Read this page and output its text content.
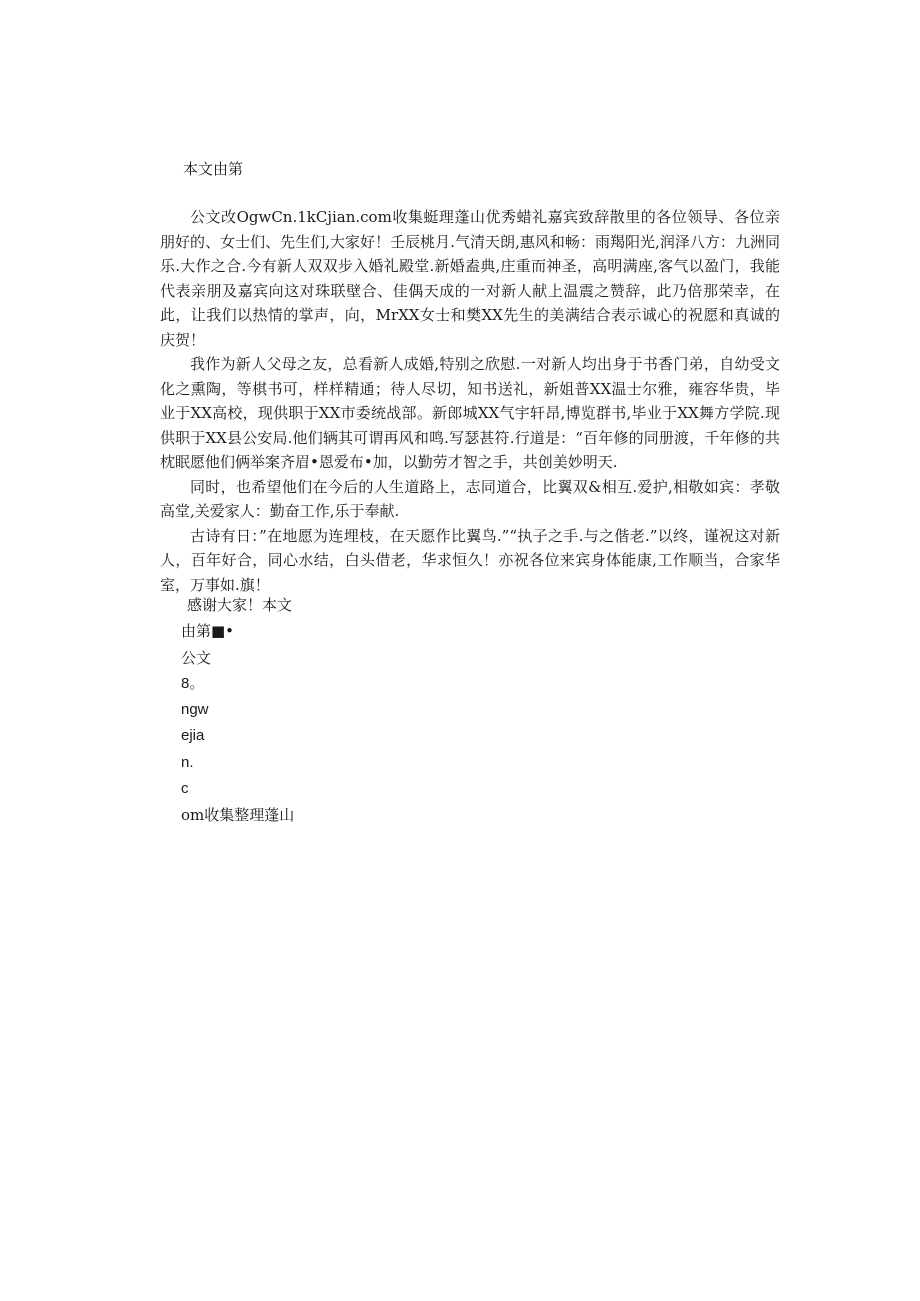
本文由第

公文改OgwCn.1kCjian.com收集蜓理蓬山优秀蜡礼嘉宾致辞散里的各位领导、各位亲朋好的、女士们、先生们,大家好！壬辰桃月.气清天朗,惠风和畅：雨羯阳光,润泽八方：九洲同乐.大作之合.今有新人双双步入婚礼殿堂.新婚盍典,庄重而神圣，高明满座,客气以盈门，我能代表亲朋及嘉宾向这对珠联壁合、佳偶天成的一对新人献上温震之赞辞，此乃倍那荣幸，在此，让我们以热情的掌声，向，MrXX女士和樊XX先生的美满结合表示诚心的祝愿和真诚的庆贺！

我作为新人父母之友，总看新人成婚,特别之欣慰.一对新人均出身于书香门弟，自幼受文化之熏陶，等棋书可，样样精通；待人尽切，知书送礼，新姐普XX温士尔雅，雍容华贵，毕业于XX高校，现供职于XX市委统战部。新郎城XX气宇轩昂,博览群书,毕业于XX舞方学院.现供职于XX县公安局.他们辆其可谓再风和鸣.写瑟甚符.行道是：“百年修的同册渡，千年修的共枕眠愿他们俩举案齐眉•恩爱布•加，以勤劳才智之手，共创美妙明天.

同时，也希望他们在今后的人生道路上，志同道合，比翼双&相互.爱护,相敬如宾：孝敬高堂,关爱家人：勤奋工作,乐于奉献.

古诗有日：”在地愿为连埋枝，在天愿作比翼鸟.”“执子之手.与之偕老.”以终，谨祝这对新人，百年好合，同心水结，白头借老，华求恒久！亦祝各位来宾身体能康,工作顺当，合家华室，万事如.旗！

感谢大家！本文
由第■•
公文
8。
ngw
ejia
n.
c
om收集整理蓬山
